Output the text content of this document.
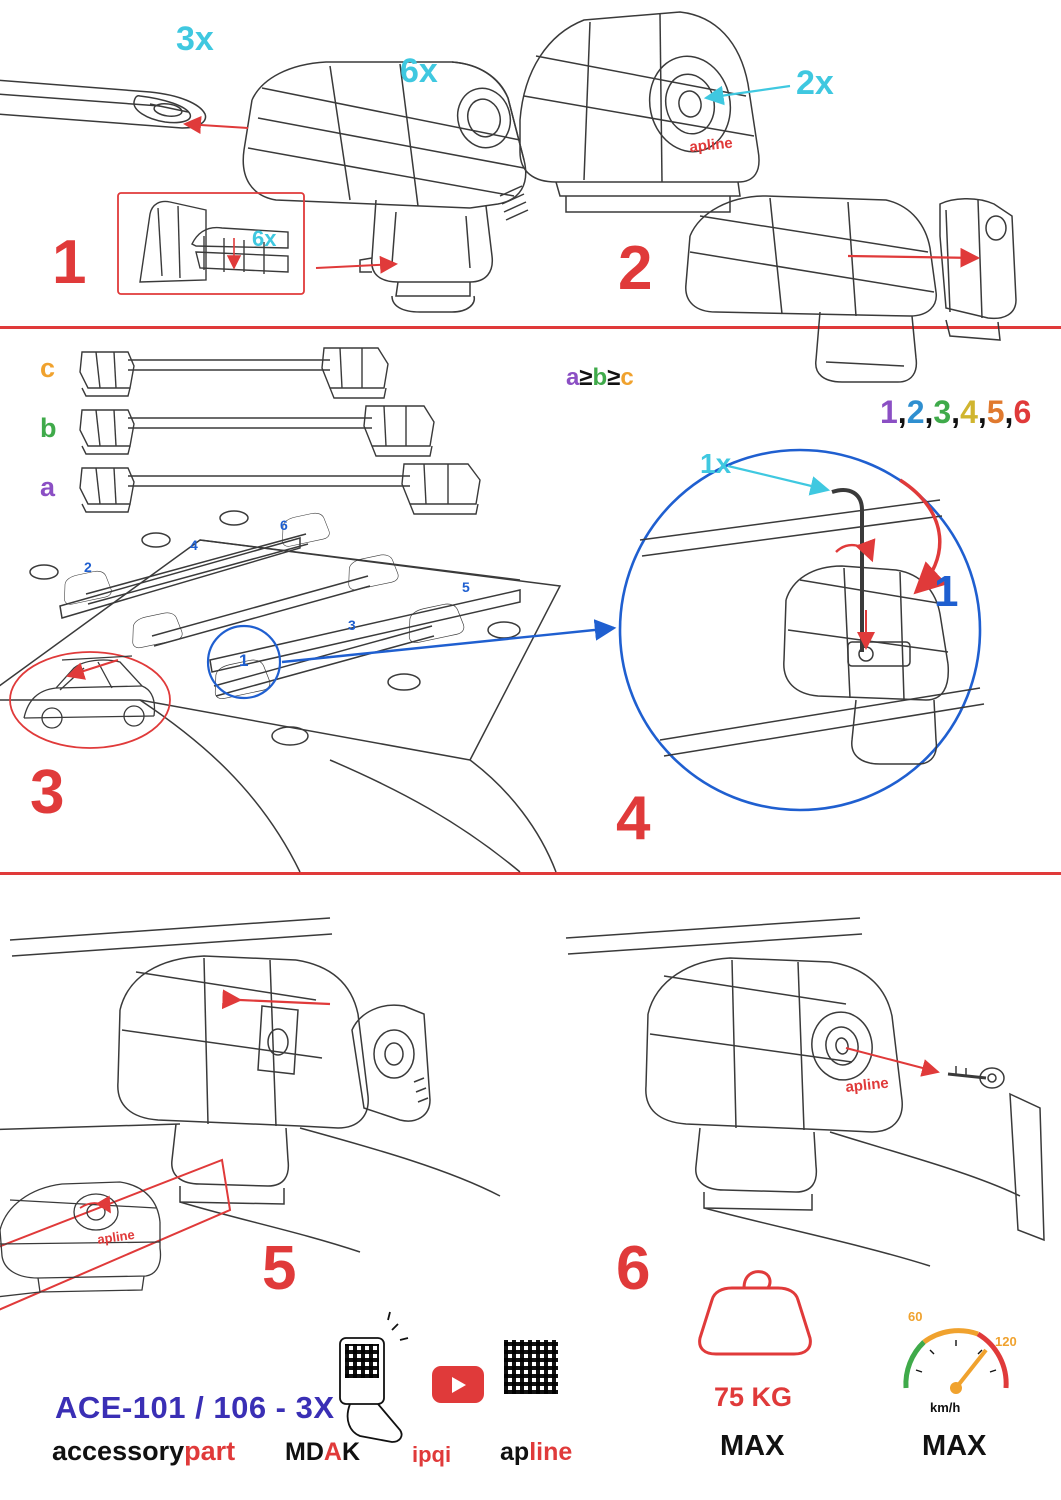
apline
apline
apline
1	2
3	4
5	6
3x
6x	2x
6x
1x
c
b
a
a≥b≥c
1,2,3,4,5,6
1
1
2
3
4
5
6
ACE-101 / 106 - 3X
accessorypart MDAK ipqi apline
75 KG
MAX	MAX
km/h
60
120
